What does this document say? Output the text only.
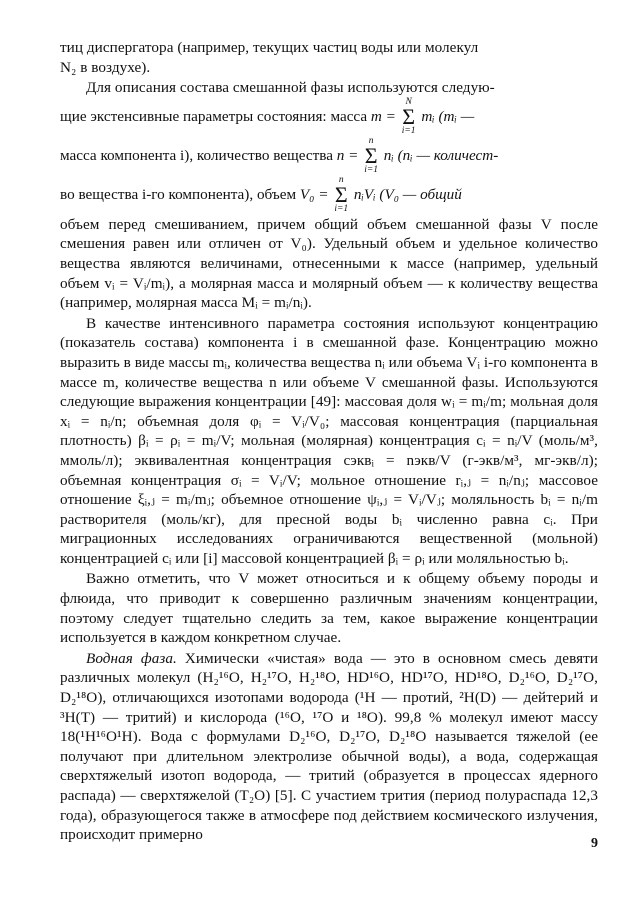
тиц диспергатора (например, текущих частиц воды или молекул
N₂ в воздухе).

Для описания состава смешанной фазы используются следую-

щие экстенсивные параметры состояния: масса m =
N
Σ
i=1
mᵢ (mᵢ —

масса компонента i), количество вещества n =
n
Σ
i=1
nᵢ (nᵢ — количест-

во вещества i-го компонента), объем V₀ =
n
Σ
i=1
nᵢVᵢ (V₀ — общий

объем перед смешиванием, причем общий объем смешанной фазы V после смешения равен или отличен от V₀). Удельный объем и удельное количество вещества являются величинами, отнесенными к массе (например, удельный объем vᵢ = Vᵢ/mᵢ), а молярная масса и молярный объем — к количеству вещества (например, молярная масса Mᵢ = mᵢ/nᵢ).

В качестве интенсивного параметра состояния используют концентрацию (показатель состава) компонента i в смешанной фазе. Концентрацию можно выразить в виде массы mᵢ, количества вещества nᵢ или объема Vᵢ i-го компонента в массе m, количестве вещества n или объеме V смешанной фазы. Используются следующие выражения концентрации [49]: массовая доля wᵢ = mᵢ/m; мольная доля xᵢ = nᵢ/n; объемная доля φᵢ = Vᵢ/V₀; массовая концентрация (парциальная плотность) βᵢ = ρᵢ = mᵢ/V; мольная (молярная) концентрация cᵢ = nᵢ/V (моль/м³, ммоль/л); эквивалентная концентрация cэквᵢ = nэкв/V (г-экв/м³, мг-экв/л); объемная концентрация σᵢ = Vᵢ/V; мольное отношение rᵢ,ⱼ = nᵢ/nⱼ; массовое отношение ξᵢ,ⱼ = mᵢ/mⱼ; объемное отношение ψᵢ,ⱼ = Vᵢ/Vⱼ; моляльность bᵢ = nᵢ/m растворителя (моль/кг), для пресной воды bᵢ численно равна cᵢ. При миграционных исследованиях ограничиваются вещественной (мольной) концентрацией cᵢ или [i] массовой концентрацией βᵢ = ρᵢ или моляльностью bᵢ.

Важно отметить, что V может относиться и к общему объему породы и флюида, что приводит к совершенно различным значениям концентрации, поэтому следует тщательно следить за тем, какое выражение концентрации используется в каждом конкретном случае.

Водная фаза. Химически «чистая» вода — это в основном смесь девяти различных молекул (H₂¹⁶O, H₂¹⁷O, H₂¹⁸O, HD¹⁶O, HD¹⁷O, HD¹⁸O, D₂¹⁶O, D₂¹⁷O, D₂¹⁸O), отличающихся изотопами водорода (¹H — протий, ²H(D) — дейтерий и ³H(T) — тритий) и кислорода (¹⁶O, ¹⁷O и ¹⁸O). 99,8 % молекул имеют массу 18(¹H¹⁶O¹H). Вода с формулами D₂¹⁶O, D₂¹⁷O, D₂¹⁸O называется тяжелой (ее получают при длительном электролизе обычной воды), а вода, содержащая сверхтяжелый изотоп водорода, — тритий (образуется в процессах ядерного распада) — сверхтяжелой (T₂O) [5]. С участием трития (период полураспада 12,3 года), образующегося также в атмосфере под действием космического излучения, происходит примерно

9
